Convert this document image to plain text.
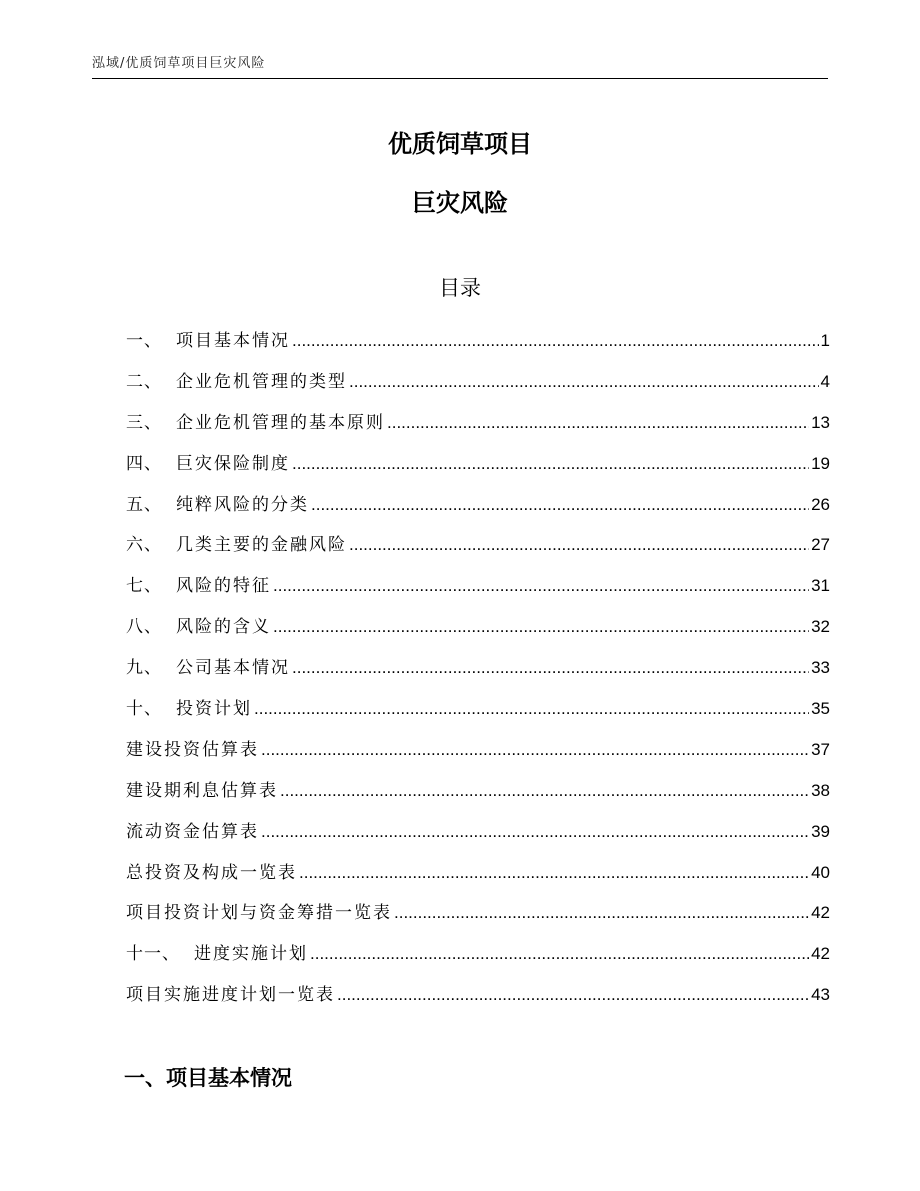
泓域/优质饲草项目巨灾风险
优质饲草项目
巨灾风险
目录
一、 项目基本情况 .....	1
二、 企业危机管理的类型 .....	4
三、 企业危机管理的基本原则 .....	13
四、 巨灾保险制度 .....	19
五、 纯粹风险的分类 .....	26
六、 几类主要的金融风险 .....	27
七、 风险的特征 .....	31
八、 风险的含义 .....	32
九、 公司基本情况 .....	33
十、 投资计划 .....	35
建设投资估算表 .....	37
建设期利息估算表 .....	38
流动资金估算表 .....	39
总投资及构成一览表 .....	40
项目投资计划与资金筹措一览表 .....	42
十一、 进度实施计划 .....	42
项目实施进度计划一览表 .....	43
一、项目基本情况
